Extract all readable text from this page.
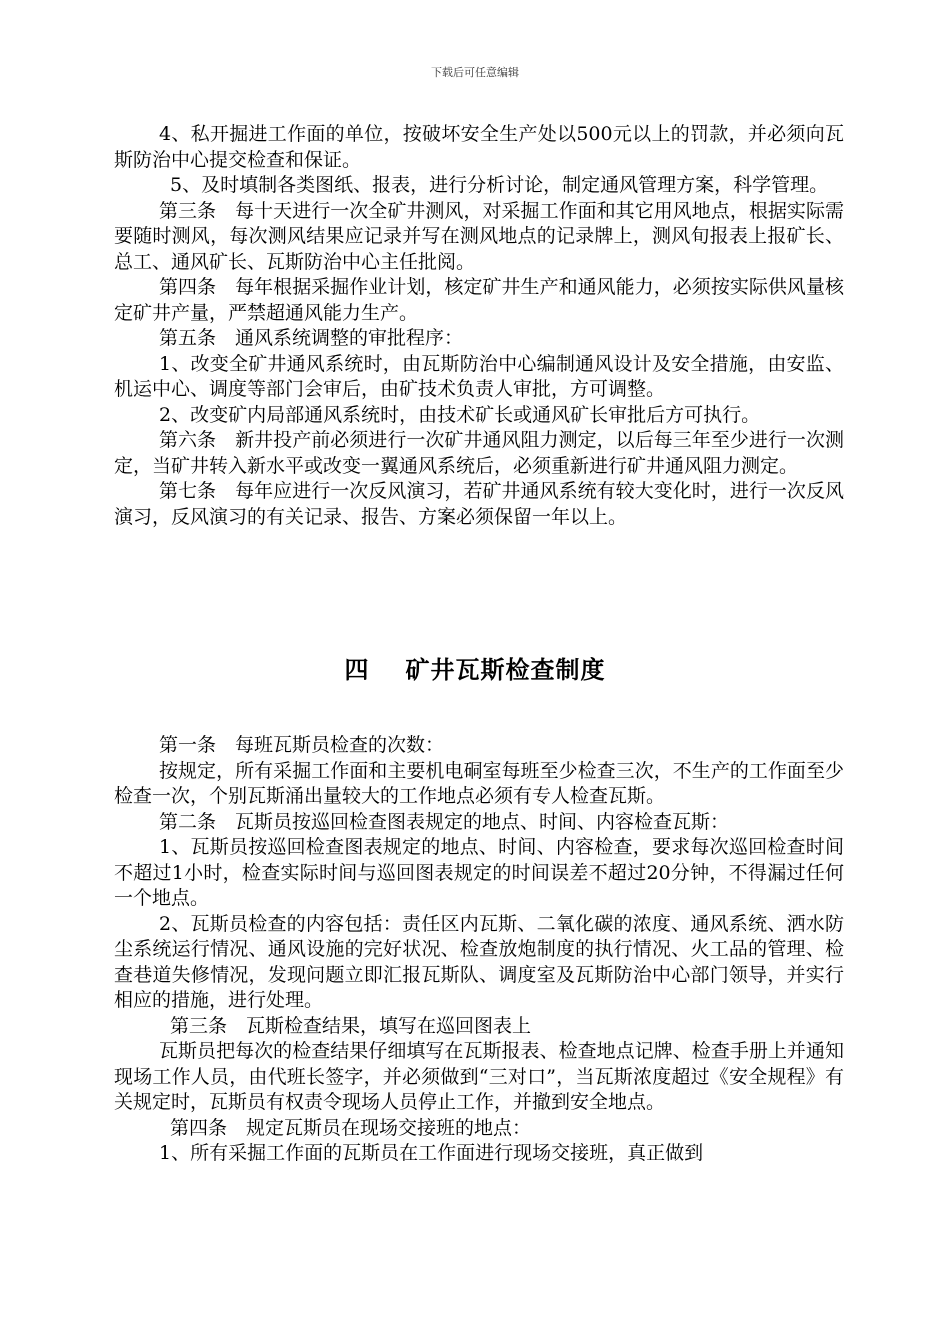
下载后可任意编辑

4、私开掘进工作面的单位，按破坏安全生产处以500元以上的罚款，并必须向瓦斯防治中心提交检查和保证。

5、及时填制各类图纸、报表，进行分析讨论，制定通风管理方案，科学管理。

第三条　每十天进行一次全矿井测风，对采掘工作面和其它用风地点，根据实际需要随时测风，每次测风结果应记录并写在测风地点的记录牌上，测风旬报表上报矿长、总工、通风矿长、瓦斯防治中心主任批阅。

第四条　每年根据采掘作业计划，核定矿井生产和通风能力，必须按实际供风量核定矿井产量，严禁超通风能力生产。

第五条　通风系统调整的审批程序：

1、改变全矿井通风系统时，由瓦斯防治中心编制通风设计及安全措施，由安监、机运中心、调度等部门会审后，由矿技术负责人审批，方可调整。

2、改变矿内局部通风系统时，由技术矿长或通风矿长审批后方可执行。

第六条　新井投产前必须进行一次矿井通风阻力测定，以后每三年至少进行一次测定，当矿井转入新水平或改变一翼通风系统后，必须重新进行矿井通风阻力测定。

第七条　每年应进行一次反风演习，若矿井通风系统有较大变化时，进行一次反风演习，反风演习的有关记录、报告、方案必须保留一年以上。

四 矿井瓦斯检查制度

第一条　每班瓦斯员检查的次数：

按规定，所有采掘工作面和主要机电硐室每班至少检查三次，不生产的工作面至少检查一次，个别瓦斯涌出量较大的工作地点必须有专人检查瓦斯。

第二条　瓦斯员按巡回检查图表规定的地点、时间、内容检查瓦斯：

1、瓦斯员按巡回检查图表规定的地点、时间、内容检查，要求每次巡回检查时间不超过1小时，检查实际时间与巡回图表规定的时间误差不超过20分钟，不得漏过任何一个地点。

2、瓦斯员检查的内容包括：责任区内瓦斯、二氧化碳的浓度、通风系统、洒水防尘系统运行情况、通风设施的完好状况、检查放炮制度的执行情况、火工品的管理、检查巷道失修情况，发现问题立即汇报瓦斯队、调度室及瓦斯防治中心部门领导，并实行相应的措施，进行处理。

第三条　瓦斯检查结果，填写在巡回图表上

瓦斯员把每次的检查结果仔细填写在瓦斯报表、检查地点记牌、检查手册上并通知现场工作人员，由代班长签字，并必须做到“三对口”，当瓦斯浓度超过《安全规程》有关规定时，瓦斯员有权责令现场人员停止工作，并撤到安全地点。

第四条　规定瓦斯员在现场交接班的地点：

1、所有采掘工作面的瓦斯员在工作面进行现场交接班，真正做到
